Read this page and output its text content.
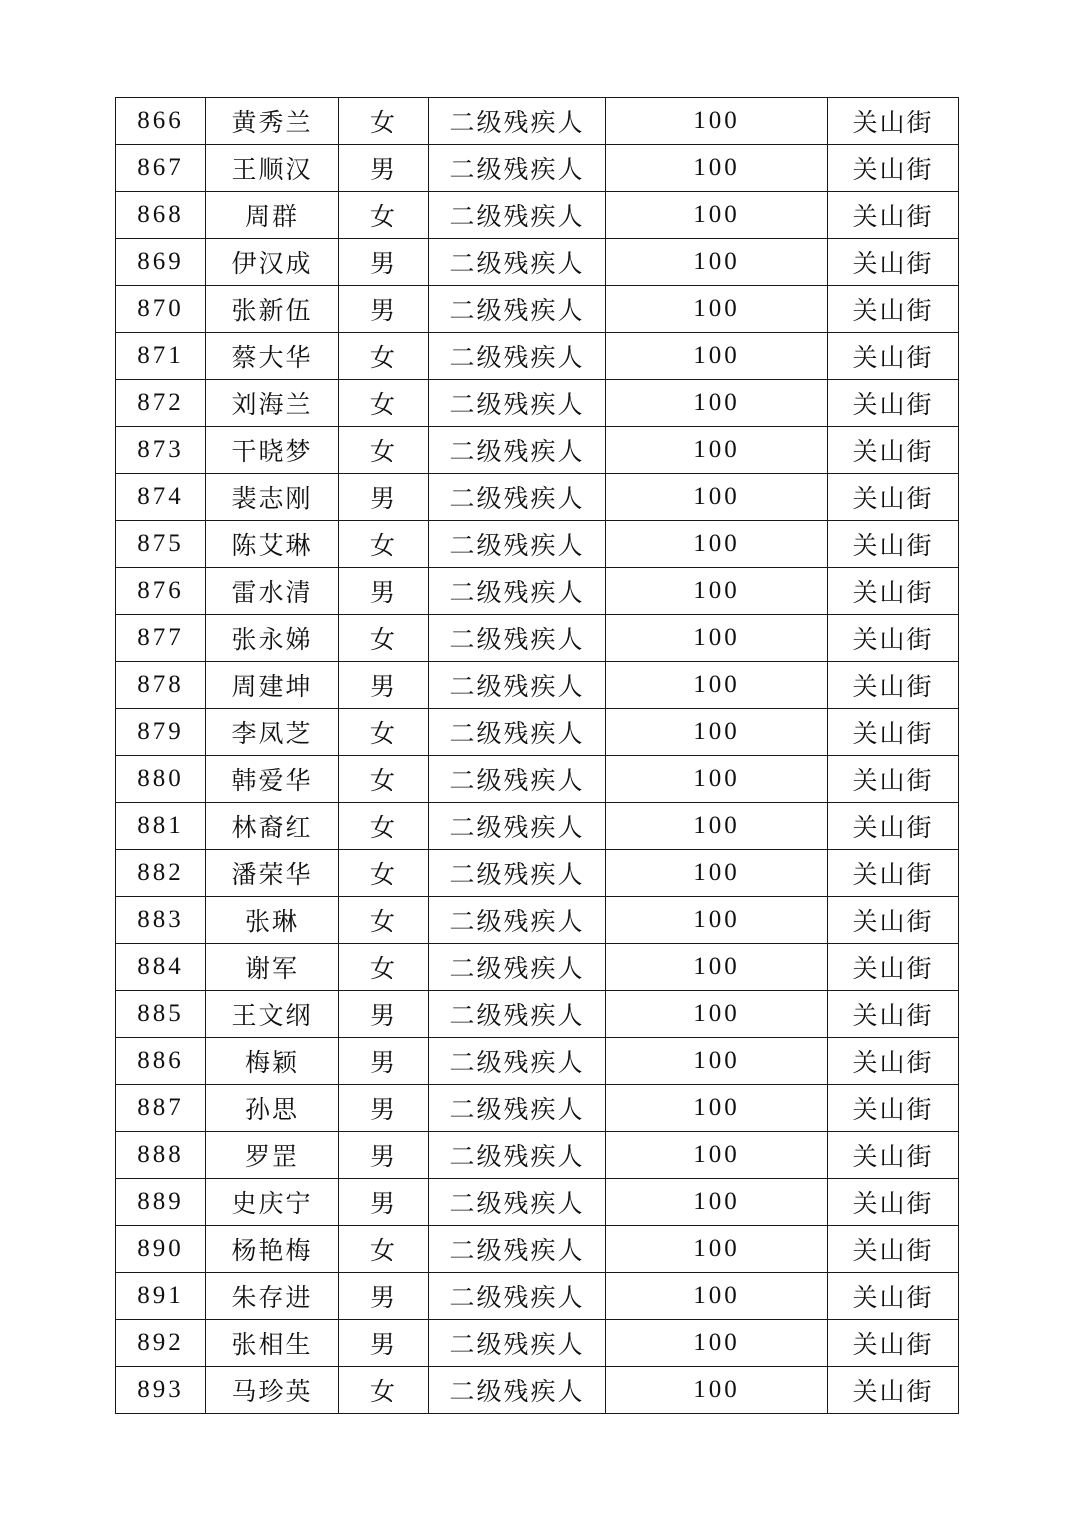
866	黄秀兰	女	二级残疾人	100	关山街
867	王顺汉	男	二级残疾人	100	关山街
868	周群	女	二级残疾人	100	关山街
869	伊汉成	男	二级残疾人	100	关山街
870	张新伍	男	二级残疾人	100	关山街
871	蔡大华	女	二级残疾人	100	关山街
872	刘海兰	女	二级残疾人	100	关山街
873	干晓梦	女	二级残疾人	100	关山街
874	裴志刚	男	二级残疾人	100	关山街
875	陈艾琳	女	二级残疾人	100	关山街
876	雷水清	男	二级残疾人	100	关山街
877	张永娣	女	二级残疾人	100	关山街
878	周建坤	男	二级残疾人	100	关山街
879	李凤芝	女	二级残疾人	100	关山街
880	韩爱华	女	二级残疾人	100	关山街
881	林裔红	女	二级残疾人	100	关山街
882	潘荣华	女	二级残疾人	100	关山街
883	张琳	女	二级残疾人	100	关山街
884	谢军	女	二级残疾人	100	关山街
885	王文纲	男	二级残疾人	100	关山街
886	梅颖	男	二级残疾人	100	关山街
887	孙思	男	二级残疾人	100	关山街
888	罗罡	男	二级残疾人	100	关山街
889	史庆宁	男	二级残疾人	100	关山街
890	杨艳梅	女	二级残疾人	100	关山街
891	朱存进	男	二级残疾人	100	关山街
892	张相生	男	二级残疾人	100	关山街
893	马珍英	女	二级残疾人	100	关山街
